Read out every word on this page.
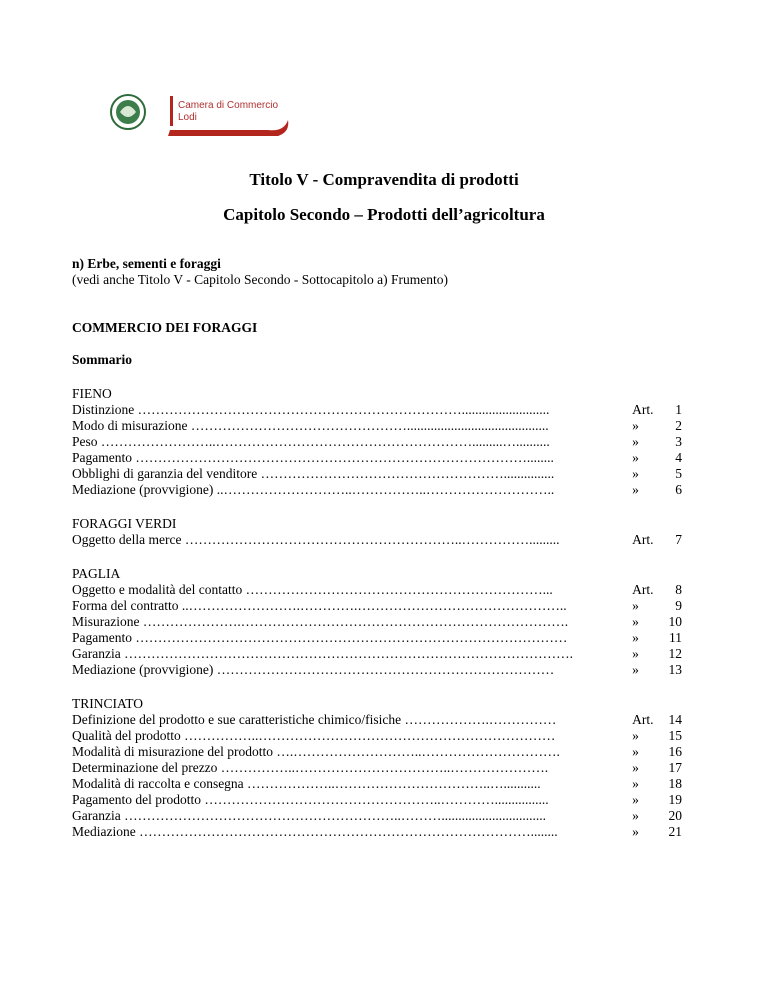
Camera di Commercio
Lodi
Titolo V - Compravendita di prodotti
Capitolo Secondo – Prodotti dell’agricoltura
n) Erbe, sementi e foraggi
(vedi anche Titolo V - Capitolo Secondo - Sottocapitolo a) Frumento)
COMMERCIO DEI FORAGGI
Sommario
FIENO
Distinzione ………………………………………………………………..........................	Art. 1
Modo di misurazione …………………………………………..........................................	»	2
Peso ……………………..………………………………………………….........…..........	»	3
Pagamento ……………………………………………………………………………........	»	4
Obblighi di garanzia del venditore ………………………………………………...............	»	5
Mediazione (provvigione) ..………………………..……………..………………………..	»	6
FORAGGI VERDI
Oggetto della merce ……………………………………………………..…………….........	Art. 7
PAGLIA
Oggetto e modalità del contatto …………………………………………………………...	Art. 8
Forma del contratto ..…………………….………….………………………………………..	»	9
Misurazione ………………….……………………………………………………………….	» 10
Pagamento ……………………………………………………………………………………	» 11
Garanzia ……………………………………………………………………………………….	» 12
Mediazione (provvigione) …………………………………………………………………	» 13
TRINCIATO
Definizione del prodotto e sue caratteristiche chimico/fisiche ……………….……………	Art. 14
Qualità del prodotto ……………..…………………………………………………………	» 15
Modalità di misurazione del prodotto ….………………………..………………………….	» 16
Determinazione del prezzo ……………..……………………………..………………….	» 17
Modalità di raccolta e consegna ………………..……………………………..…...........	» 18
Pagamento del prodotto ……………………………………………..…………................	» 19
Garanzia ……………………………………………………..………...............................	» 20
Mediazione ……………………………………………………………………………........	» 21
